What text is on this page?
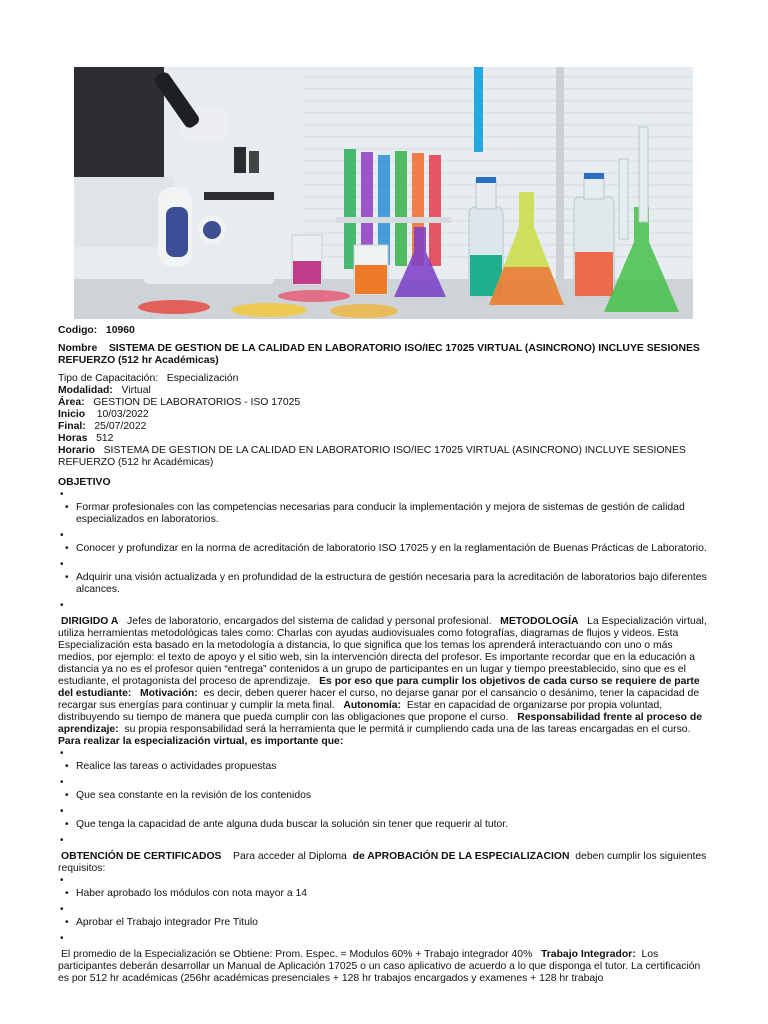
Codigo: 10960

Nombre SISTEMA DE GESTION DE LA CALIDAD EN LABORATORIO ISO/IEC 17025 VIRTUAL (ASINCRONO) INCLUYE SESIONES REFUERZO (512 hr Académicas)

Tipo de Capacitación: Especialización

Modalidad: Virtual

Área: GESTION DE LABORATORIOS - ISO 17025

Inicio 10/03/2022

Final: 25/07/2022

Horas 512

Horario SISTEMA DE GESTION DE LA CALIDAD EN LABORATORIO ISO/IEC 17025 VIRTUAL (ASINCRONO) INCLUYE SESIONES REFUERZO (512 hr Académicas)

OBJETIVO

•
• Formar profesionales con las competencias necesarias para conducir la implementación y mejora de sistemas de gestión de calidad especializados en laboratorios.
•
• Conocer y profundizar en la norma de acreditación de laboratorio ISO 17025 y en la reglamentación de Buenas Prácticas de Laboratorio.
•
• Adquirir una visión actualizada y en profundidad de la estructura de gestión necesaria para la acreditación de laboratorios bajo diferentes alcances.
•

DIRIGIDO A Jefes de laboratorio, encargados del sistema de calidad y personal profesional. METODOLOGÍA La Especialización virtual, utiliza herramientas metodológicas tales como: Charlas con ayudas audiovisuales como fotografías, diagramas de flujos y videos. Esta Especialización esta basado en la metodología a distancia, lo que significa que los temas los aprenderá interactuando con uno o más medios, por ejemplo: el texto de apoyo y el sitio web, sin la intervención directa del profesor. Es importante recordar que en la educación a distancia ya no es el profesor quien “entrega” contenidos a un grupo de participantes en un lugar y tiempo preestablecido, sino que es el estudiante, el protagonista del proceso de aprendizaje. Es por eso que para cumplir los objetivos de cada curso se requiere de parte del estudiante: Motivación: es decir, deben querer hacer el curso, no dejarse ganar por el cansancio o desánimo, tener la capacidad de recargar sus energías para continuar y cumplir la meta final. Autonomía: Estar en capacidad de organizarse por propia voluntad, distribuyendo su tiempo de manera que pueda cumplir con las obligaciones que propone el curso. Responsabilidad frente al proceso de aprendizaje: su propia responsabilidad será la herramienta que le permitá ir cumpliendo cada una de las tareas encargadas en el curso.   Para realizar la especialización virtual, es importante que:

•
• Realice las tareas o actividades propuestas
•
• Que sea constante en la revisión de los contenidos
•
• Que tenga la capacidad de ante alguna duda buscar la solución sin tener que requerir al tutor.
•

OBTENCIÓN DE CERTIFICADOS Para acceder al Diploma de APROBACIÓN DE LA ESPECIALIZACION deben cumplir los siguientes requisitos:

•
• Haber aprobado los módulos con nota mayor a 14
•
• Aprobar el Trabajo integrador Pre Titulo
•

El promedio de la Especialización se Obtiene: Prom. Espec. = Modulos 60% + Trabajo integrador 40% Trabajo Integrador: Los participantes deberán desarrollar un Manual de Aplicación 17025 o un caso aplicativo de acuerdo a lo que disponga el tutor. La certificación es por 512 hr académicas (256hr académicas presenciales + 128 hr trabajos encargados y examenes + 128 hr trabajo
